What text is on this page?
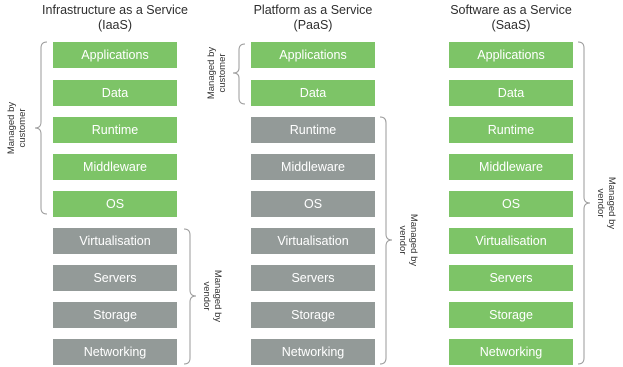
Infrastructure as a Service
(IaaS)
Platform as a Service
(PaaS)
Software as a Service
(SaaS)
Applications
Data
Runtime
Middleware
OS
Virtualisation
Servers
Storage
Networking
Applications
Data
Runtime
Middleware
OS
Virtualisation
Servers
Storage
Networking
Applications
Data
Runtime
Middleware
OS
Virtualisation
Servers
Storage
Networking
Managed by customer
Managed by
vendor
Managed by customer
Managed by
vendor
Managed by
vendor
